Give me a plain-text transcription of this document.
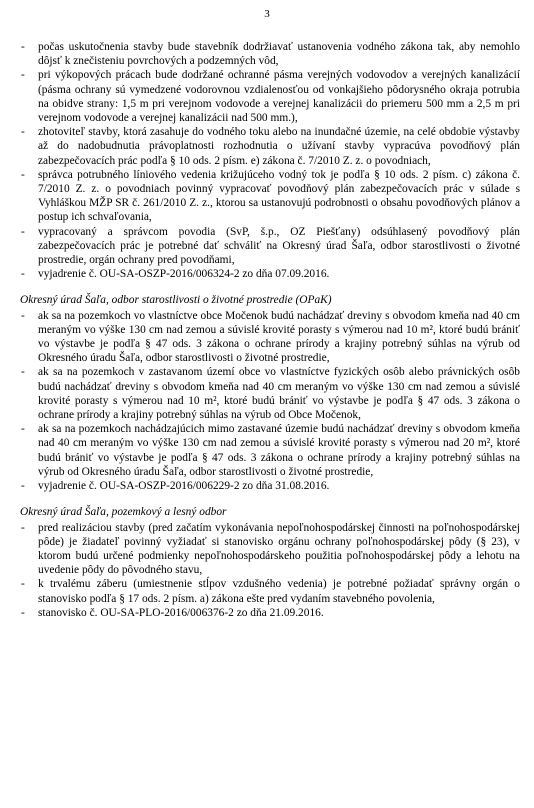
3
- počas uskutočnenia stavby bude stavebník dodržiavať ustanovenia vodného zákona tak, aby nemohlo dôjsť k znečisteniu povrchových a podzemných vôd,
- pri výkopových prácach bude dodržané ochranné pásma verejných vodovodov a verejných kanalizácií (pásma ochrany sú vymedzené vodorovnou vzdialenosťou od vonkajšieho pôdorysného okraja potrubia na obidve strany: 1,5 m pri verejnom vodovode a verejnej kanalizácii do priemeru 500 mm a 2,5 m pri verejnom vodovode a verejnej kanalizácii nad 500 mm.),
- zhotoviteľ stavby, ktorá zasahuje do vodného toku alebo na inundačné územie, na celé obdobie výstavby až do nadobudnutia právoplatnosti rozhodnutia o užívaní stavby vypracúva povodňový plán zabezpečovacích prác podľa § 10 ods. 2 písm. e) zákona č. 7/2010 Z. z. o povodniach,
- správca potrubného líniového vedenia križujúceho vodný tok je podľa § 10 ods. 2 písm. c) zákona č. 7/2010 Z. z. o povodniach povinný vypracovať povodňový plán zabezpečovacích prác v súlade s Vyhláškou MŽP SR č. 261/2010 Z. z., ktorou sa ustanovujú podrobnosti o obsahu povodňových plánov a postup ich schvaľovania,
- vypracovaný a správcom povodia (SvP, š.p., OZ Piešťany) odsúhlasený povodňový plán zabezpečovacích prác je potrebné dať schváliť na Okresný úrad Šaľa, odbor starostlivosti o životné prostredie, orgán ochrany pred povodňami,
- vyjadrenie č. OU-SA-OSZP-2016/006324-2 zo dňa 07.09.2016.
Okresný úrad Šaľa, odbor starostlivosti o životné prostredie (OPaK)
- ak sa na pozemkoch vo vlastníctve obce Močenok budú nachádzať dreviny s obvodom kmeňa nad 40 cm meraným vo výške 130 cm nad zemou a súvislé krovité porasty s výmerou nad 10 m², ktoré budú brániť vo výstavbe je podľa § 47 ods. 3 zákona o ochrane prírody a krajiny potrebný súhlas na výrub od Okresného úradu Šaľa, odbor starostlivosti o životné prostredie,
- ak sa na pozemkoch v zastavanom území obce vo vlastníctve fyzických osôb alebo právnických osôb budú nachádzať dreviny s obvodom kmeňa nad 40 cm meraným vo výške 130 cm nad zemou a súvislé krovité porasty s výmerou nad 10 m², ktoré budú brániť vo výstavbe je podľa § 47 ods. 3 zákona o ochrane prírody a krajiny potrebný súhlas na výrub od Obce Močenok,
- ak sa na pozemkoch nachádzajúcich mimo zastavané územie budú nachádzať dreviny s obvodom kmeňa nad 40 cm meraným vo výške 130 cm nad zemou a súvislé krovité porasty s výmerou nad 20 m², ktoré budú brániť vo výstavbe je podľa § 47 ods. 3 zákona o ochrane prírody a krajiny potrebný súhlas na výrub od Okresného úradu Šaľa, odbor starostlivosti o životné prostredie,
- vyjadrenie č. OU-SA-OSZP-2016/006229-2 zo dňa 31.08.2016.
Okresný úrad Šaľa, pozemkový a lesný odbor
- pred realizáciou stavby (pred začatím vykonávania nepoľnohospodárskej činnosti na poľnohospodárskej pôde) je žiadateľ povinný vyžiadať si stanovisko orgánu ochrany poľnohospodárskej pôdy (§ 23), v ktorom budú určené podmienky nepoľnohospodárskeho použitia poľnohospodárskej pôdy a lehotu na uvedenie pôdy do pôvodného stavu,
- k trvalému záberu (umiestnenie stĺpov vzdušného vedenia) je potrebné požiadať správny orgán o stanovisko podľa § 17 ods. 2 písm. a) zákona ešte pred vydaním stavebného povolenia,
- stanovisko č. OU-SA-PLO-2016/006376-2 zo dňa 21.09.2016.
